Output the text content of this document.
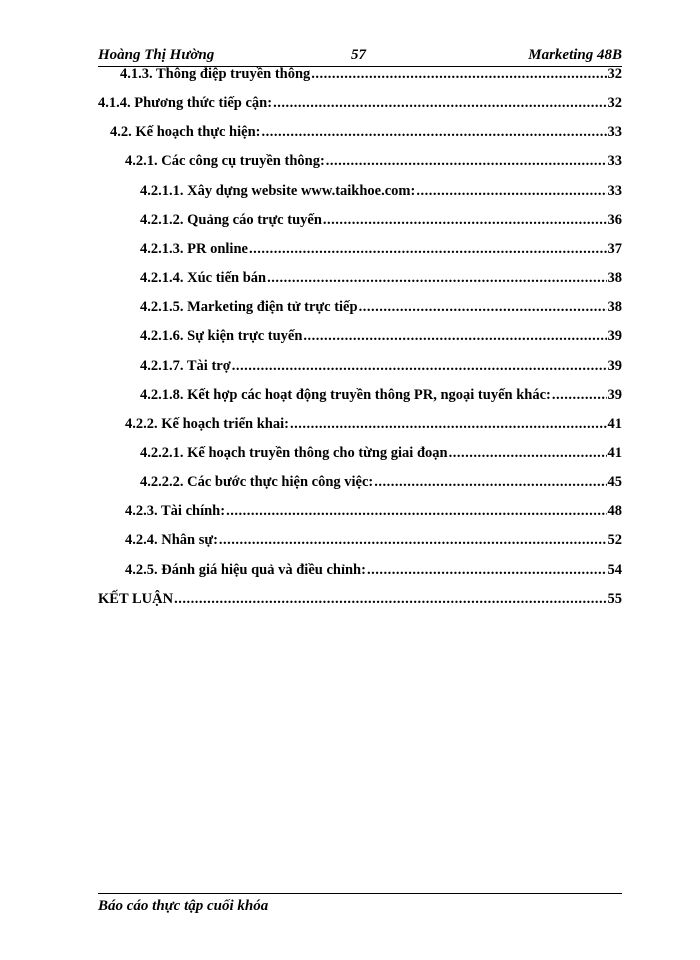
Hoàng Thị Hường	57	Marketing 48B
4.1.3. Thông điệp truyền thông .....	32
4.1.4. Phương thức tiếp cận: .....	32
4.2. Kế hoạch thực hiện: .....	33
4.2.1. Các công cụ truyền thông: .....	33
4.2.1.1. Xây dựng website www.taikhoe.com: .....	33
4.2.1.2. Quảng cáo trực tuyến .....	36
4.2.1.3. PR online .....	37
4.2.1.4. Xúc tiến bán .....	38
4.2.1.5. Marketing điện tử trực tiếp .....	38
4.2.1.6. Sự kiện trực tuyến .....	39
4.2.1.7. Tài trợ .....	39
4.2.1.8. Kết hợp các hoạt động truyền thông PR, ngoại tuyến khác: .....	39
4.2.2. Kế hoạch triển khai: .....	41
4.2.2.1. Kế hoạch truyền thông cho từng giai đoạn .....	41
4.2.2.2. Các bước thực hiện công việc: .....	45
4.2.3. Tài chính: .....	48
4.2.4. Nhân sự: .....	52
4.2.5. Đánh giá hiệu quả và điều chỉnh: .....	54
KẾT LUẬN .....	55
Báo cáo thực tập cuối khóa
